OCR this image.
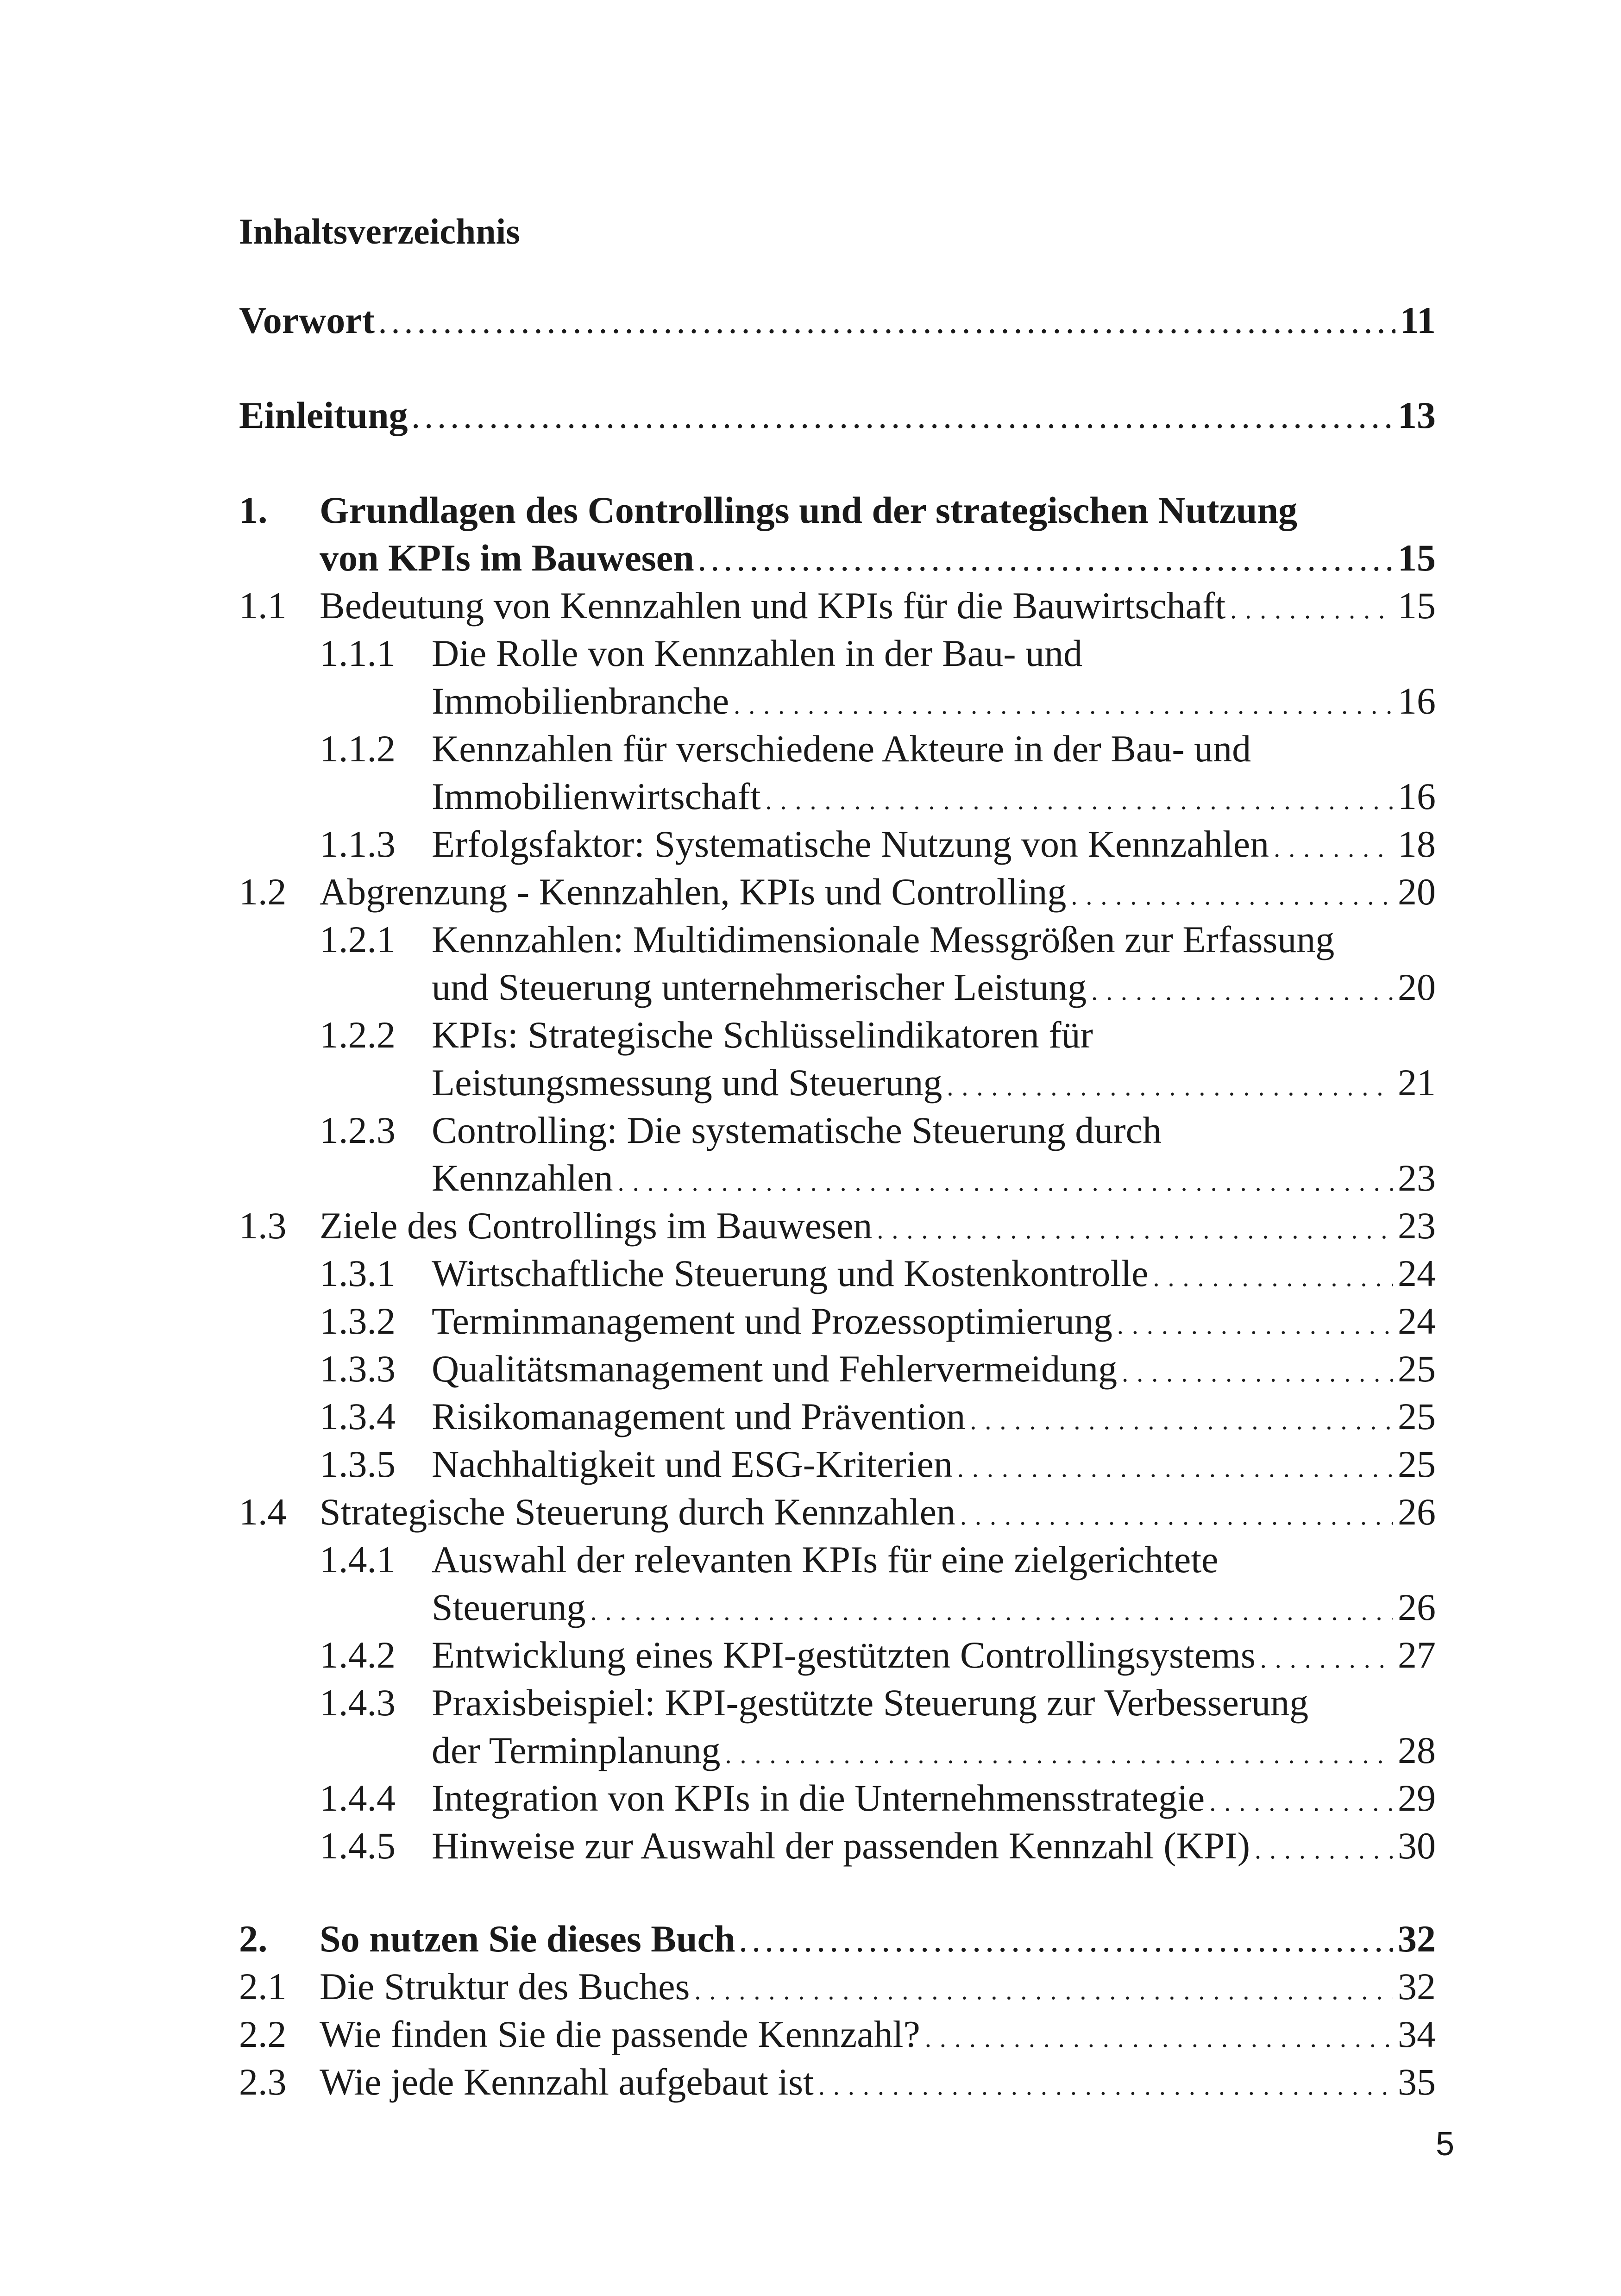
Inhaltsverzeichnis
Vorwort . . .	11
Einleitung . . .	13
1. Grundlagen des Controllings und der strategischen Nutzung
von KPIs im Bauwesen . . .	15
1.1 Bedeutung von Kennzahlen und KPIs für die Bauwirtschaft . . .	15
1.1.1 Die Rolle von Kennzahlen in der Bau- und
Immobilienbranche . . .	16
1.1.2 Kennzahlen für verschiedene Akteure in der Bau- und
Immobilienwirtschaft . . .	16
1.1.3 Erfolgsfaktor: Systematische Nutzung von Kennzahlen . . .	18
1.2 Abgrenzung - Kennzahlen, KPIs und Controlling . . .	20
1.2.1 Kennzahlen: Multidimensionale Messgrößen zur Erfassung
und Steuerung unternehmerischer Leistung . . .	20
1.2.2 KPIs: Strategische Schlüsselindikatoren für
Leistungsmessung und Steuerung . . .	21
1.2.3 Controlling: Die systematische Steuerung durch
Kennzahlen . . .	23
1.3 Ziele des Controllings im Bauwesen . . .	23
1.3.1 Wirtschaftliche Steuerung und Kostenkontrolle . . .	24
1.3.2 Terminmanagement und Prozessoptimierung . . .	24
1.3.3 Qualitätsmanagement und Fehlervermeidung . . .	25
1.3.4 Risikomanagement und Prävention . . .	25
1.3.5 Nachhaltigkeit und ESG-Kriterien . . .	25
1.4 Strategische Steuerung durch Kennzahlen . . .	26
1.4.1 Auswahl der relevanten KPIs für eine zielgerichtete
Steuerung . . .	26
1.4.2 Entwicklung eines KPI-gestützten Controllingsystems . . .	27
1.4.3 Praxisbeispiel: KPI-gestützte Steuerung zur Verbesserung
der Terminplanung . . .	28
1.4.4 Integration von KPIs in die Unternehmensstrategie . . .	29
1.4.5 Hinweise zur Auswahl der passenden Kennzahl (KPI) . . .	30
2. So nutzen Sie dieses Buch . . .	32
2.1 Die Struktur des Buches . . .	32
2.2 Wie finden Sie die passende Kennzahl? . . .	34
2.3 Wie jede Kennzahl aufgebaut ist . . .	35
5
